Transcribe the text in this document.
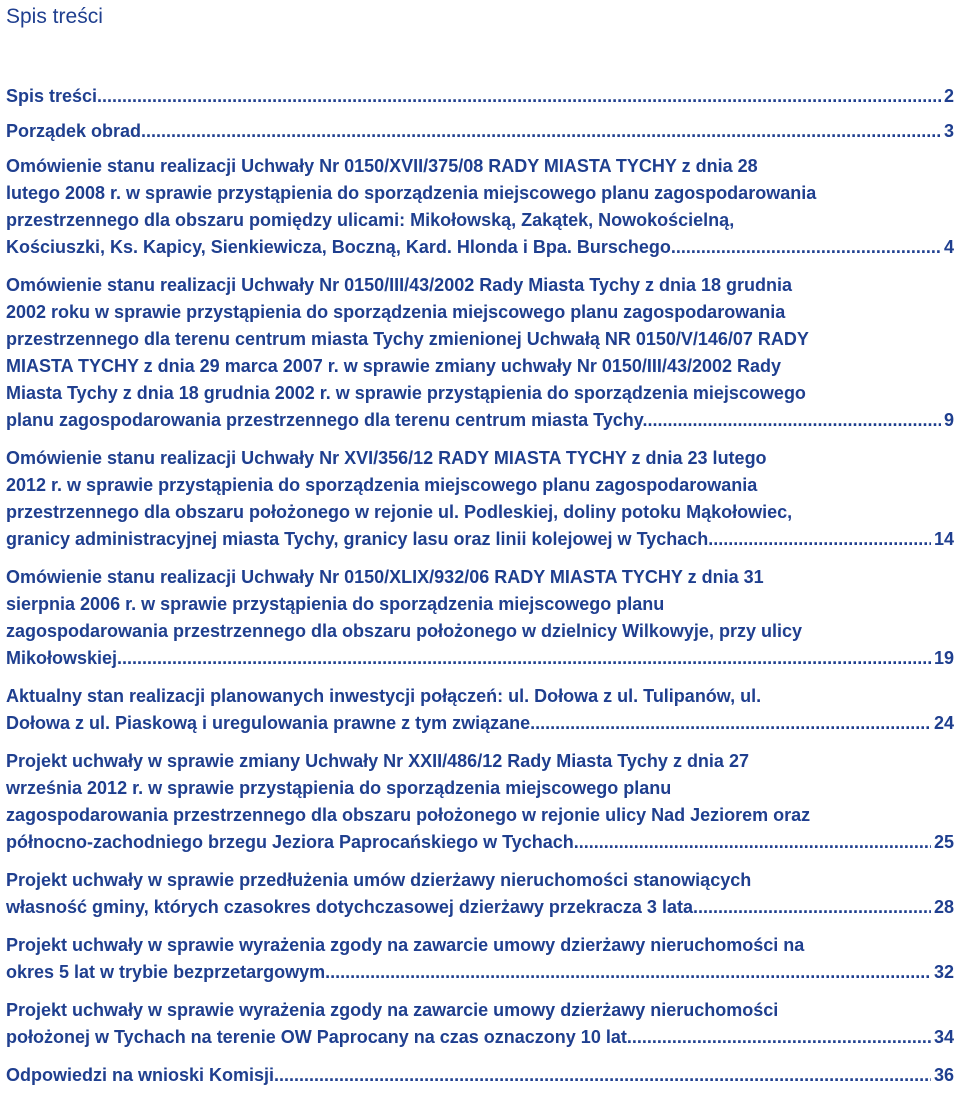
Spis treści
Spis treści. .....	2
Porządek obrad. .....	3
Omówienie stanu realizacji Uchwały Nr 0150/XVII/375/08 RADY MIASTA TYCHY z dnia 28
lutego 2008 r. w sprawie przystąpienia do sporządzenia miejscowego planu zagospodarowania
przestrzennego dla obszaru pomiędzy ulicami: Mikołowską, Zakątek, Nowokościelną,
Kościuszki, Ks. Kapicy, Sienkiewicza, Boczną, Kard. Hlonda i Bpa. Burschego. .....	4
Omówienie stanu realizacji Uchwały Nr 0150/III/43/2002 Rady Miasta Tychy z dnia 18 grudnia
2002 roku w sprawie przystąpienia do sporządzenia miejscowego planu zagospodarowania
przestrzennego dla terenu centrum miasta Tychy zmienionej Uchwałą NR 0150/V/146/07 RADY
MIASTA TYCHY z dnia 29 marca 2007 r. w sprawie zmiany uchwały Nr 0150/III/43/2002 Rady
Miasta Tychy z dnia 18 grudnia 2002 r. w sprawie przystąpienia do sporządzenia miejscowego
planu zagospodarowania przestrzennego dla terenu centrum miasta Tychy. .....	9
Omówienie stanu realizacji Uchwały Nr XVI/356/12 RADY MIASTA TYCHY z dnia 23 lutego
2012 r. w sprawie przystąpienia do sporządzenia miejscowego planu zagospodarowania
przestrzennego dla obszaru położonego w rejonie ul. Podleskiej, doliny potoku Mąkołowiec,
granicy administracyjnej miasta Tychy, granicy lasu oraz linii kolejowej w Tychach. .....	14
Omówienie stanu realizacji Uchwały Nr 0150/XLIX/932/06 RADY MIASTA TYCHY z dnia 31
sierpnia 2006 r. w sprawie przystąpienia do sporządzenia miejscowego planu
zagospodarowania przestrzennego dla obszaru położonego w dzielnicy Wilkowyje, przy ulicy
Mikołowskiej. .....	19
Aktualny stan realizacji planowanych inwestycji połączeń: ul. Dołowa z ul. Tulipanów, ul.
Dołowa z ul. Piaskową i uregulowania prawne z tym związane. .....	24
Projekt uchwały w sprawie zmiany Uchwały Nr XXII/486/12 Rady Miasta Tychy z dnia 27
września 2012 r. w sprawie przystąpienia do sporządzenia miejscowego planu
zagospodarowania przestrzennego dla obszaru położonego w rejonie ulicy Nad Jeziorem oraz
północno-zachodniego brzegu Jeziora Paprocańskiego w Tychach. .....	25
Projekt uchwały w sprawie przedłużenia umów dzierżawy nieruchomości stanowiących
własność gminy, których czasokres dotychczasowej dzierżawy przekracza 3 lata. .....	28
Projekt uchwały w sprawie wyrażenia zgody na zawarcie umowy dzierżawy nieruchomości na
okres 5 lat w trybie bezprzetargowym. .....	32
Projekt uchwały w sprawie wyrażenia zgody na zawarcie umowy dzierżawy nieruchomości
położonej w Tychach na terenie OW Paprocany na czas oznaczony 10 lat. .....	34
Odpowiedzi na wnioski Komisji. .....	36
